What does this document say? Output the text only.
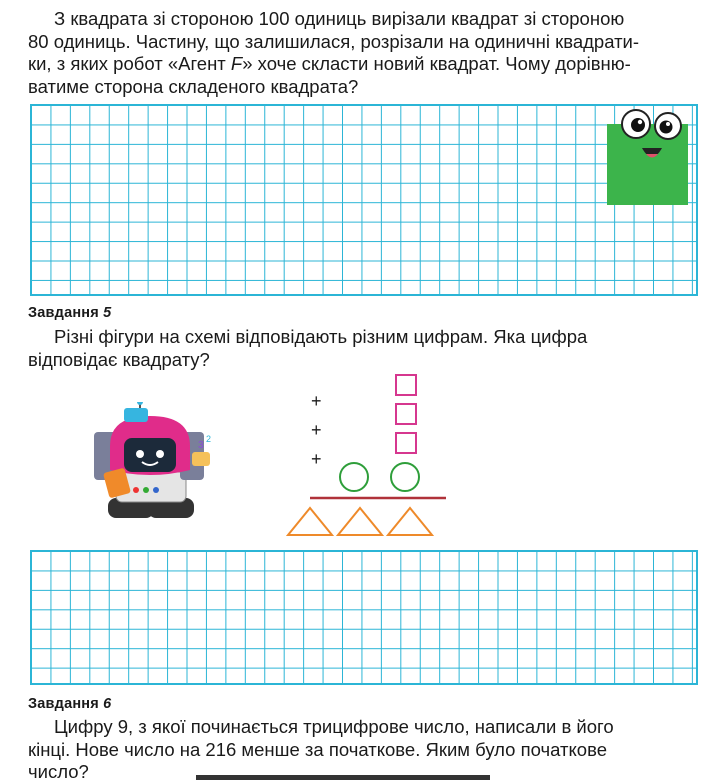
З квадрата зі стороною 100 одиниць вирізали квадрат зі стороною
80 одиниць. Частину, що залишилася, розрізали на одиничні квадрати-
ки, з яких робот «Агент F» хоче скласти новий квадрат. Чому дорівню-
ватиме сторона складеного квадрата?

Завдання 5

Різні фігури на схемі відповідають різним цифрам. Яка цифра
відповідає квадрату?

3
2
+
+
+

Завдання 6

Цифру 9, з якої починається трицифрове число, написали в його
кінці. Нове число на 216 менше за початкове. Яким було початкове
число?
